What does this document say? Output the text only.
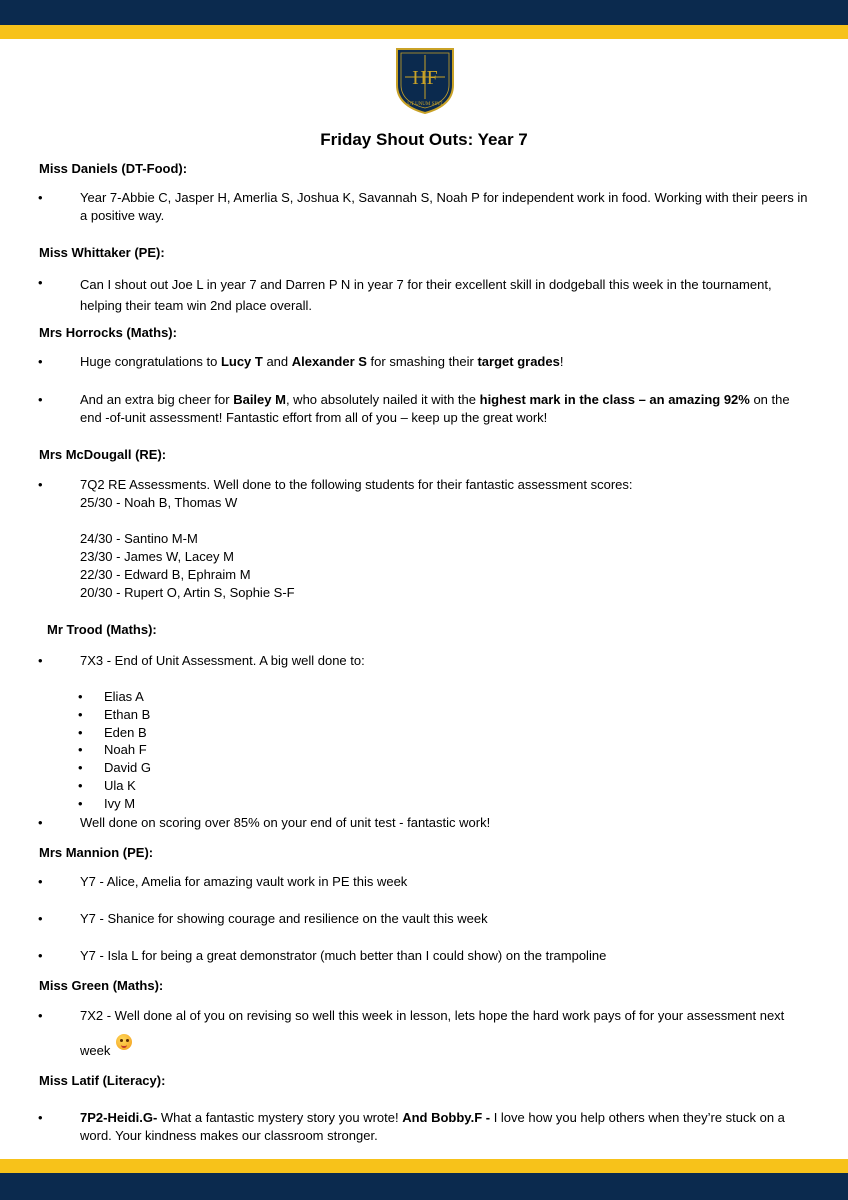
HF
UT UNUM SINT
Friday Shout Outs: Year 7
Miss Daniels (DT-Food):
•	Year 7-Abbie C, Jasper H, Amerlia S, Joshua K, Savannah S, Noah P for independent work in food. Working with their peers in a positive way.
Miss Whittaker (PE):
•	Can I shout out Joe L in year 7 and Darren P N in year 7 for their excellent skill in dodgeball this week in the tournament, helping their team win 2nd place overall.
Mrs Horrocks (Maths):
•	Huge congratulations to Lucy T and Alexander S for smashing their target grades!
•	And an extra big cheer for Bailey M, who absolutely nailed it with the highest mark in the class – an amazing 92% on the end -of-unit assessment! Fantastic effort from all of you – keep up the great work!
Mrs McDougall (RE):
•	7Q2 RE Assessments. Well done to the following students for their fantastic assessment scores:
25/30 - Noah B, Thomas W
24/30 - Santino M-M
23/30 - James W, Lacey M
22/30 - Edward B, Ephraim M
20/30 - Rupert O, Artin S, Sophie S-F
Mr Trood (Maths):
•	7X3 - End of Unit Assessment. A big well done to:
• Elias A
• Ethan B
• Eden B
• Noah F
• David G
• Ula K
• Ivy M
•	Well done on scoring over 85% on your end of unit test - fantastic work!
Mrs Mannion (PE):
•	Y7 - Alice, Amelia for amazing vault work in PE this week
•	Y7 - Shanice for showing courage and resilience on the vault this week
•	Y7 - Isla L for being a great demonstrator (much better than I could show) on the trampoline
Miss Green (Maths):
•	7X2 - Well done al of you on revising so well this week in lesson, lets hope the hard work pays of for your assessment next
week
Miss Latif (Literacy):
•	7P2-Heidi.G- What a fantastic mystery story you wrote! And Bobby.F - I love how you help others when they’re stuck on a word. Your kindness makes our classroom stronger.
